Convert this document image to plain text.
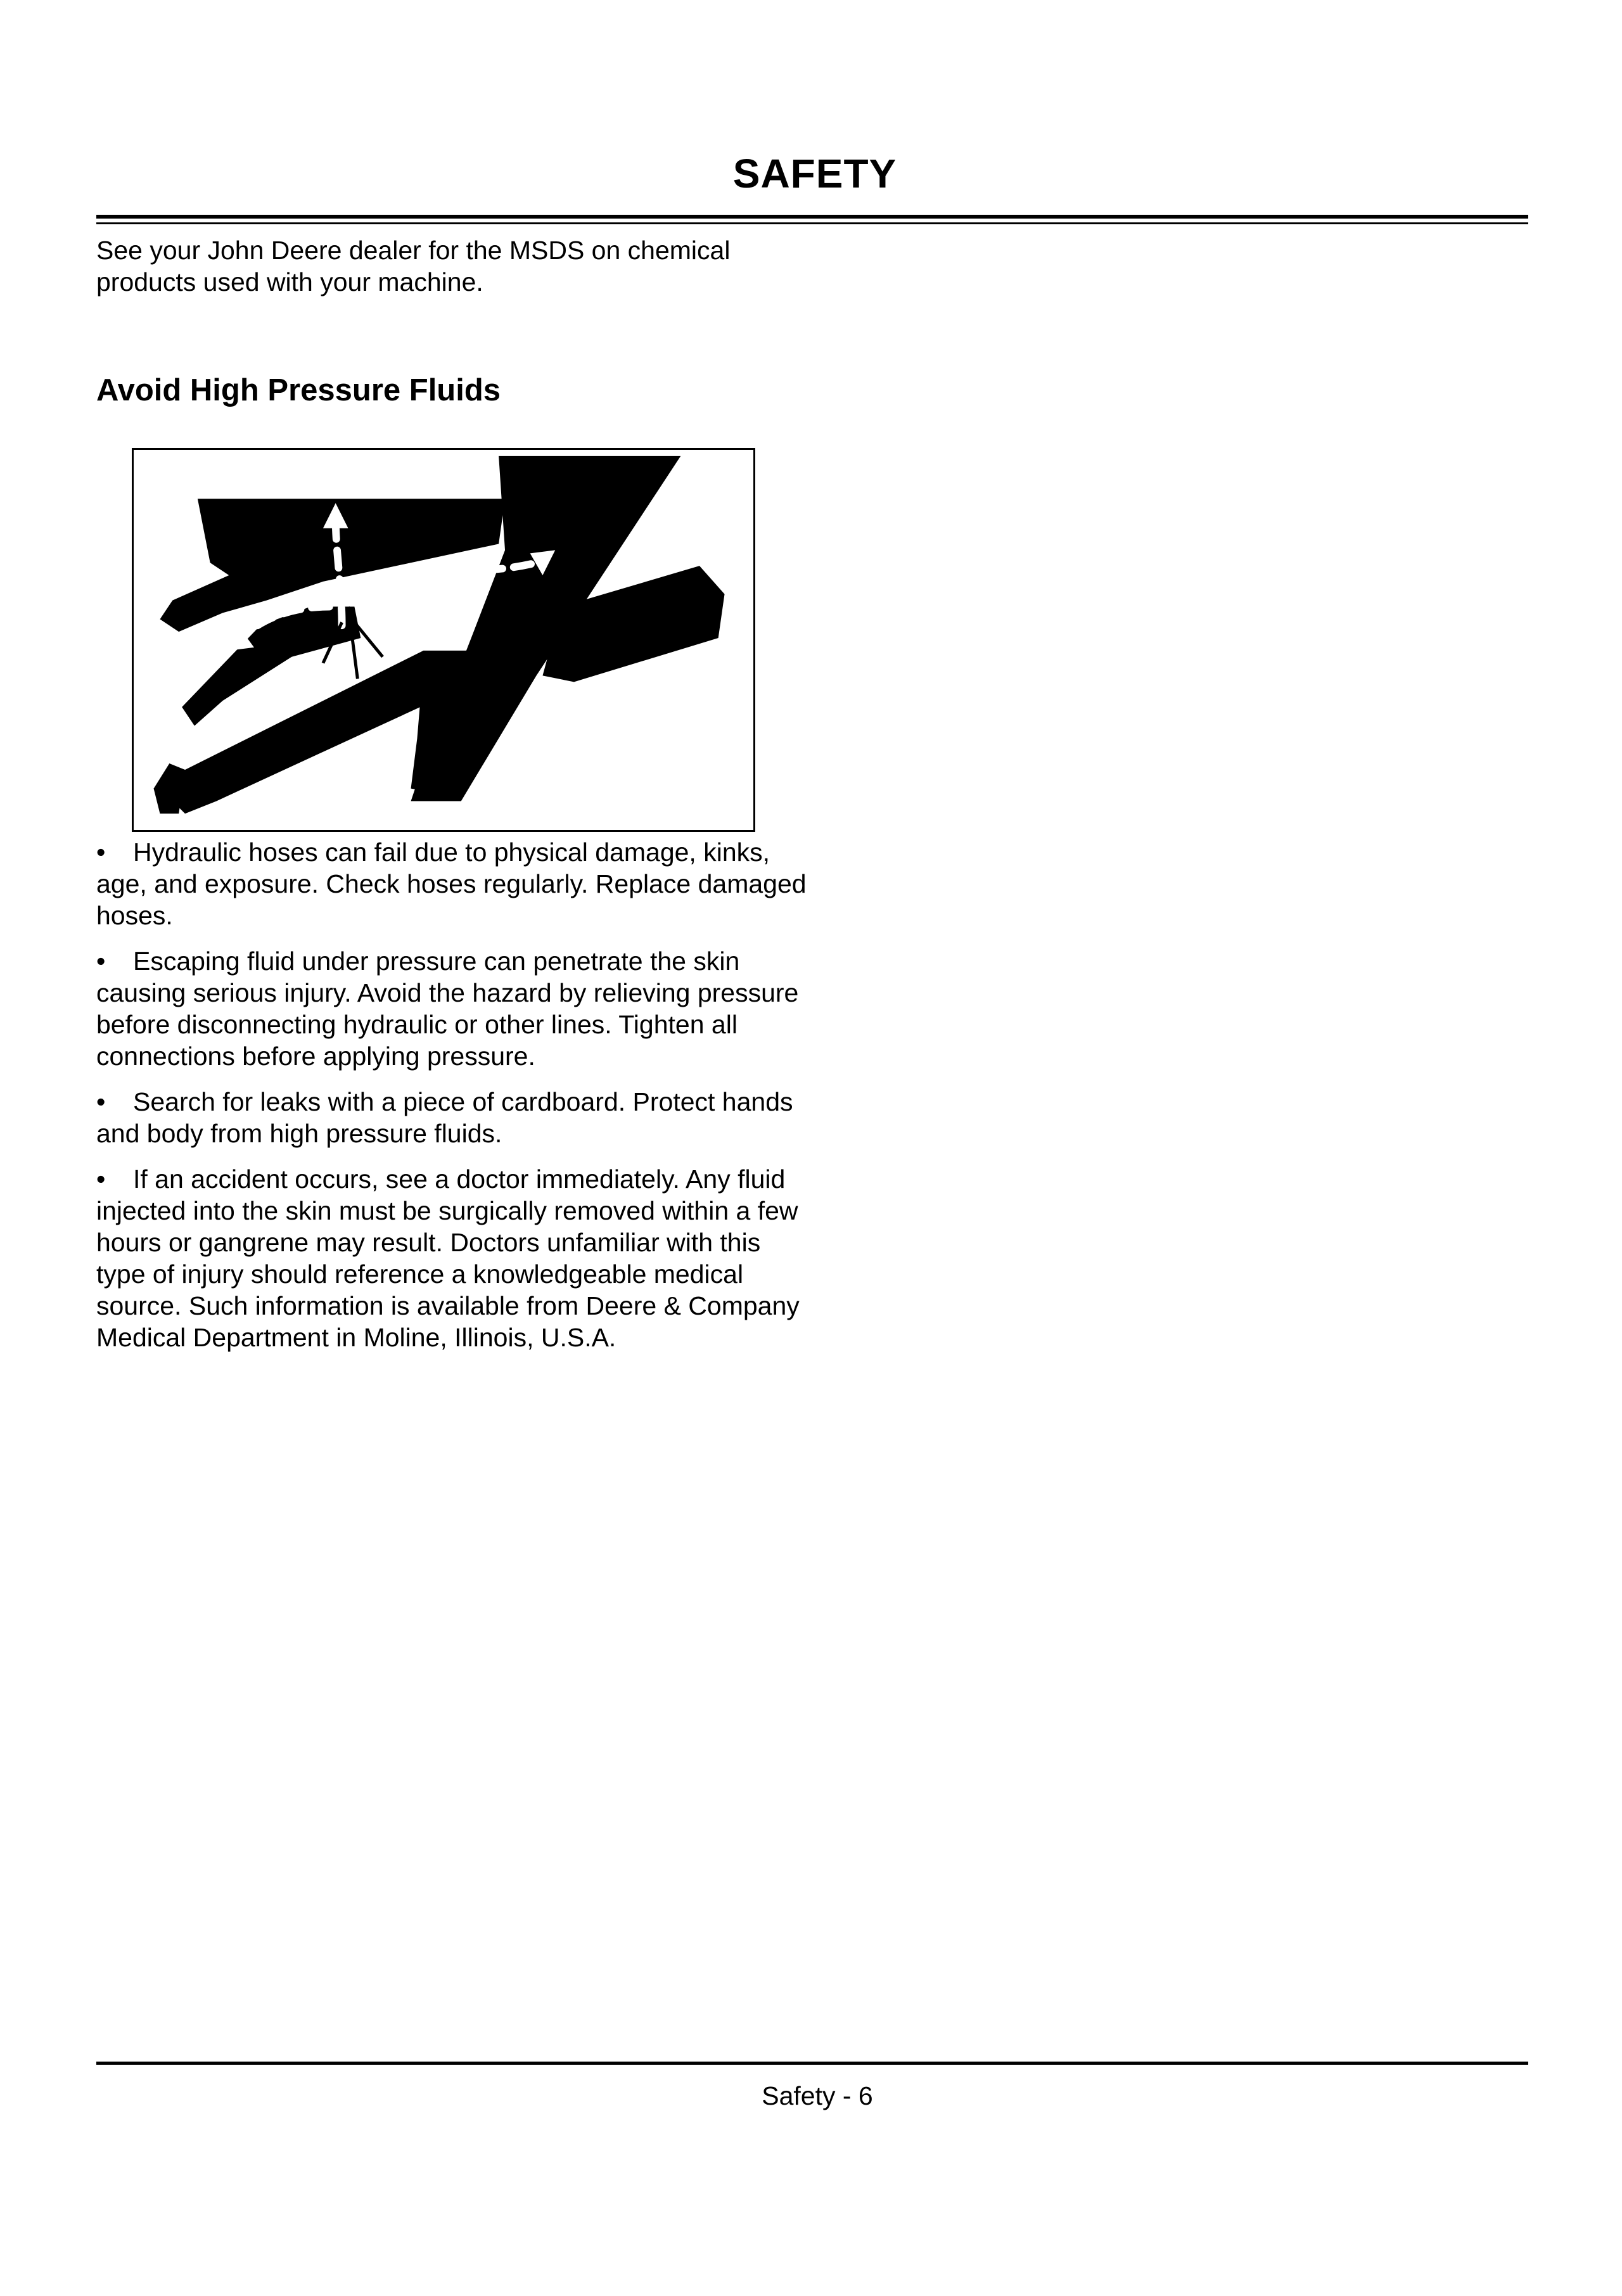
SAFETY

See your John Deere dealer for the MSDS on chemical products used with your machine.

Avoid High Pressure Fluids
• Hydraulic hoses can fail due to physical damage, kinks, age, and exposure. Check hoses regularly. Replace damaged hoses.
• Escaping fluid under pressure can penetrate the skin causing serious injury. Avoid the hazard by relieving pressure before disconnecting hydraulic or other lines. Tighten all connections before applying pressure.
• Search for leaks with a piece of cardboard. Protect hands and body from high pressure fluids.
• If an accident occurs, see a doctor immediately. Any fluid injected into the skin must be surgically removed within a few hours or gangrene may result. Doctors unfamiliar with this type of injury should reference a knowledgeable medical source. Such information is available from Deere & Company Medical Department in Moline, Illinois, U.S.A.
Safety - 6
